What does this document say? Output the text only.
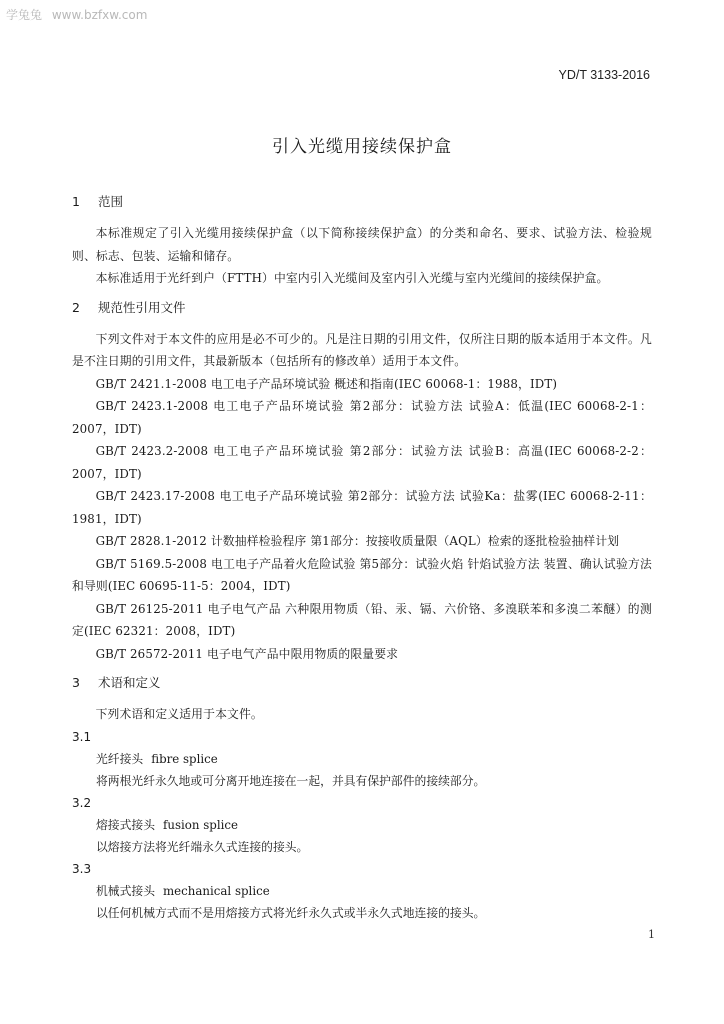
学兔兔 www.bzfxw.com
YD/T 3133-2016
引入光缆用接续保护盒
1 范围

本标准规定了引入光缆用接续保护盒（以下简称接续保护盒）的分类和命名、要求、试验方法、检验规则、标志、包装、运输和储存。

本标准适用于光纤到户（FTTH）中室内引入光缆间及室内引入光缆与室内光缆间的接续保护盒。

2 规范性引用文件

下列文件对于本文件的应用是必不可少的。凡是注日期的引用文件，仅所注日期的版本适用于本文件。凡是不注日期的引用文件，其最新版本（包括所有的修改单）适用于本文件。

GB/T 2421.1-2008 电工电子产品环境试验 概述和指南(IEC 60068-1：1988，IDT)

GB/T 2423.1-2008 电工电子产品环境试验 第2部分：试验方法 试验A：低温(IEC 60068-2-1：2007，IDT)

GB/T 2423.2-2008 电工电子产品环境试验 第2部分：试验方法 试验B：高温(IEC 60068-2-2：2007，IDT)

GB/T 2423.17-2008 电工电子产品环境试验 第2部分：试验方法 试验Ka：盐雾(IEC 60068-2-11：1981，IDT)

GB/T 2828.1-2012 计数抽样检验程序 第1部分：按接收质量限（AQL）检索的逐批检验抽样计划

GB/T 5169.5-2008 电工电子产品着火危险试验 第5部分：试验火焰 针焰试验方法 装置、确认试验方法和导则(IEC 60695-11-5：2004，IDT)

GB/T 26125-2011 电子电气产品 六种限用物质（铅、汞、镉、六价铬、多溴联苯和多溴二苯醚）的测定(IEC 62321：2008，IDT)

GB/T 26572-2011 电子电气产品中限用物质的限量要求

3 术语和定义

下列术语和定义适用于本文件。

3.1
光纤接头 fibre splice
将两根光纤永久地或可分离开地连接在一起，并具有保护部件的接续部分。
3.2
熔接式接头 fusion splice
以熔接方法将光纤端永久式连接的接头。
3.3
机械式接头 mechanical splice
以任何机械方式而不是用熔接方式将光纤永久式或半永久式地连接的接头。
1
